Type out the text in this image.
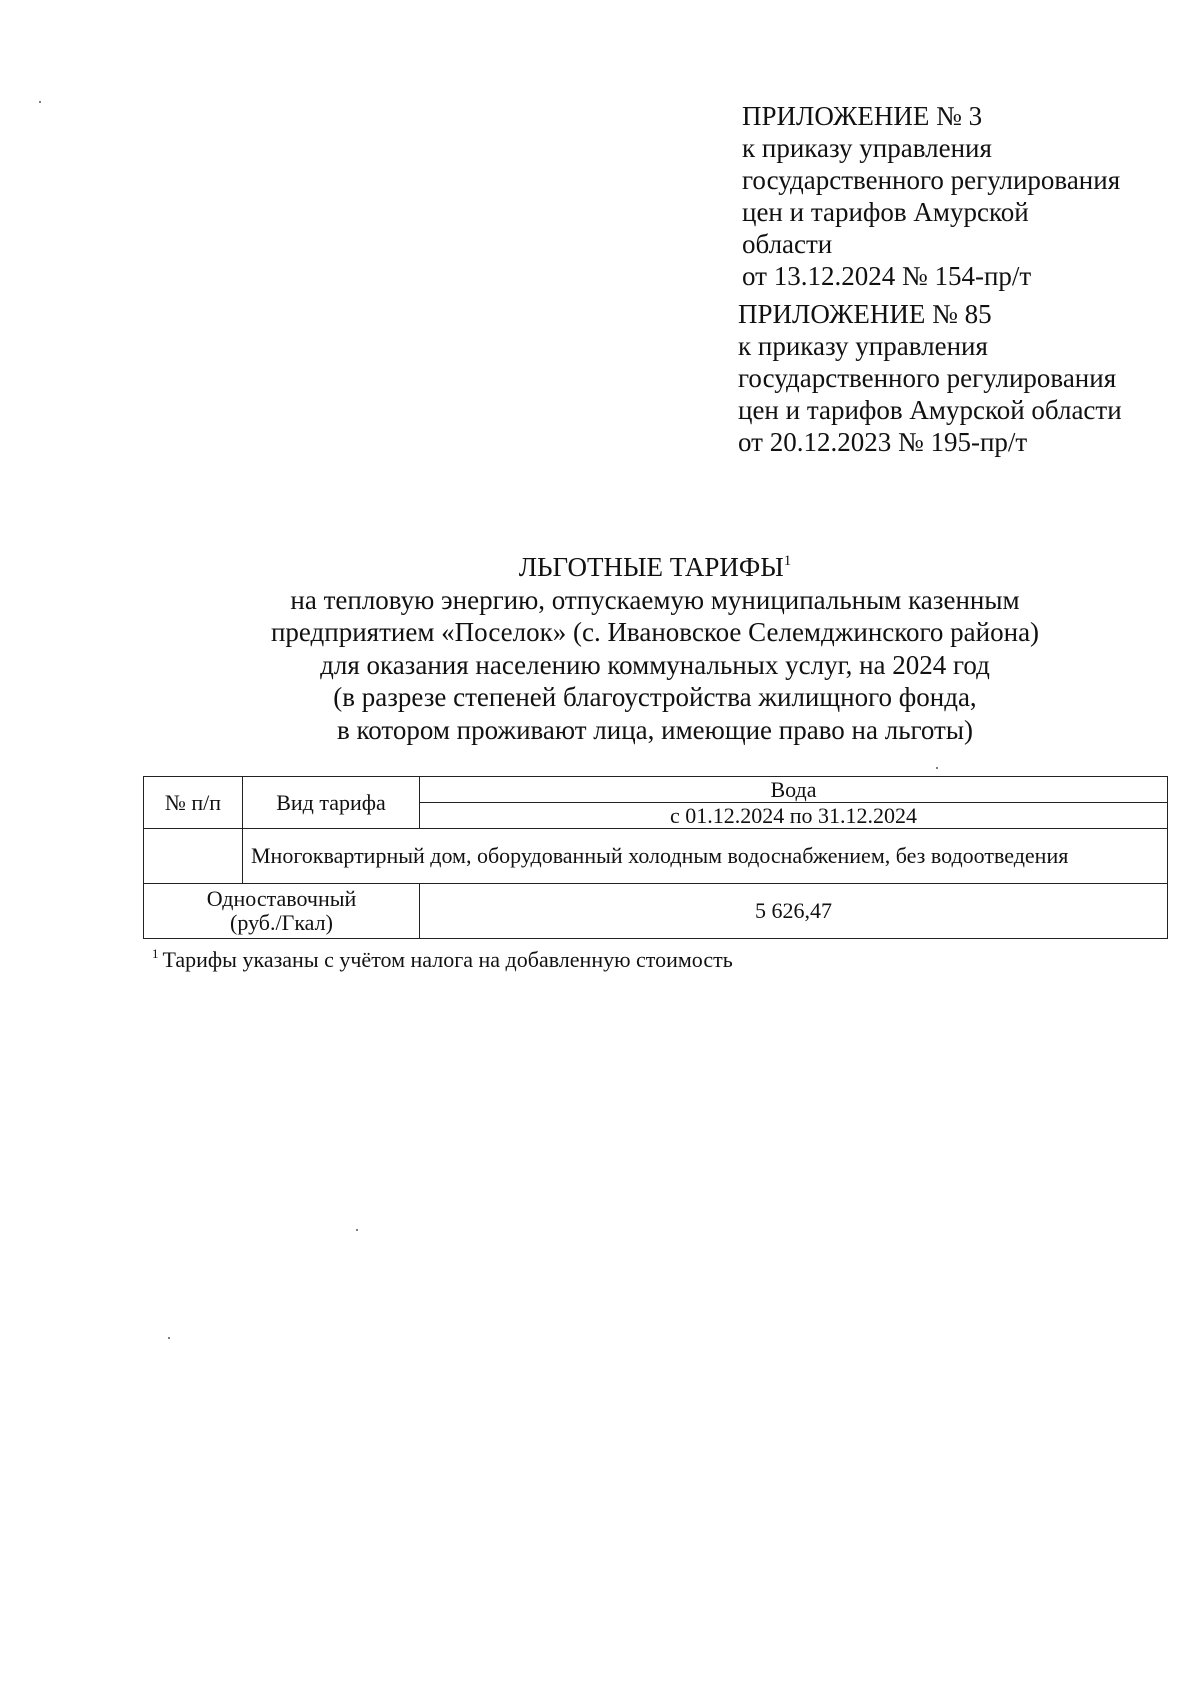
ПРИЛОЖЕНИЕ № 3
к приказу управления
государственного регулирования
цен и тарифов Амурской
области
от 13.12.2024 № 154-пр/т
ПРИЛОЖЕНИЕ № 85
к приказу управления
государственного регулирования
цен и тарифов Амурской области
от 20.12.2023 № 195-пр/т
ЛЬГОТНЫЕ ТАРИФЫ$^1$
на тепловую энергию, отпускаемую муниципальным казенным
предприятием «Поселок» (с. Ивановское Селемджинского района)
для оказания населению коммунальных услуг, на 2024 год
(в разрезе степеней благоустройства жилищного фонда,
в котором проживают лица, имеющие право на льготы)
№ п/п	Вид тарифа	Вода
		с 01.12.2024 по 31.12.2024
	Многоквартирный дом, оборудованный холодным водоснабжением, без водоотведения	

Одноставочный
(руб./Гкал)		5 626,47
$^1$ Тарифы указаны с учётом налога на добавленную стоимость
